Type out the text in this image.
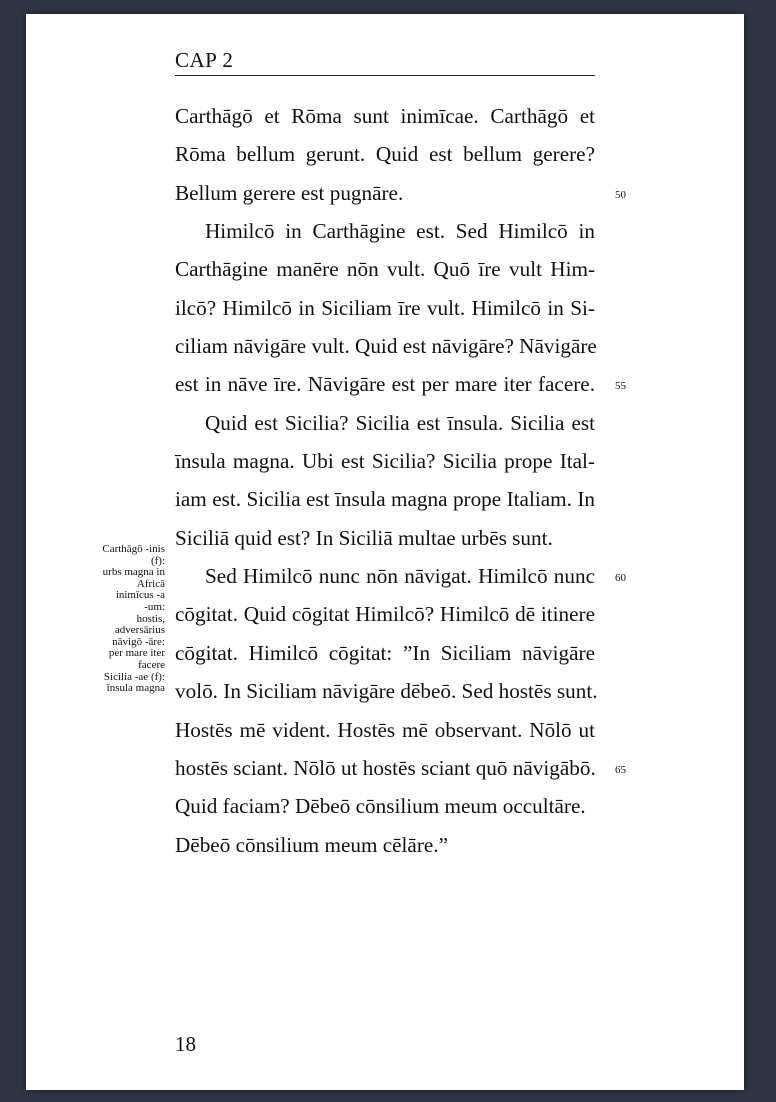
CAP 2
Carthāgō et Rōma sunt inimīcae. Carthāgō et
Rōma bellum gerunt. Quid est bellum gerere?
Bellum gerere est pugnāre.	50
Himilcō in Carthāgine est. Sed Himilcō in
Carthāgine manēre nōn vult. Quō īre vult Him-
ilcō? Himilcō in Siciliam īre vult. Himilcō in Si-
ciliam nāvigāre vult. Quid est nāvigāre? Nāvigāre
est in nāve īre. Nāvigāre est per mare iter facere. 55
Quid est Sicilia? Sicilia est īnsula. Sicilia est
īnsula magna. Ubi est Sicilia? Sicilia prope Ital-
iam est. Sicilia est īnsula magna prope Italiam. In
Siciliā quid est? In Siciliā multae urbēs sunt.
Sed Himilcō nunc nōn nāvigat. Himilcō nunc 60
cōgitat. Quid cōgitat Himilcō? Himilcō dē itinere
cōgitat. Himilcō cōgitat: ”In Siciliam nāvigāre
volō. In Siciliam nāvigāre dēbeō. Sed hostēs sunt.
Hostēs mē vident. Hostēs mē observant. Nōlō ut
hostēs sciant. Nōlō ut hostēs sciant quō nāvigābō. 65
Quid faciam? Dēbeō cōnsilium meum occultāre.
Dēbeō cōnsilium meum cēlāre.”
Carthāgō -inis
(f):
urbs magna in
Africā
inimīcus -a
-um:
hostis,
adversārius
nāvigō -āre:
per mare iter
facere
Sicilia -ae (f):
īnsula magna
18
